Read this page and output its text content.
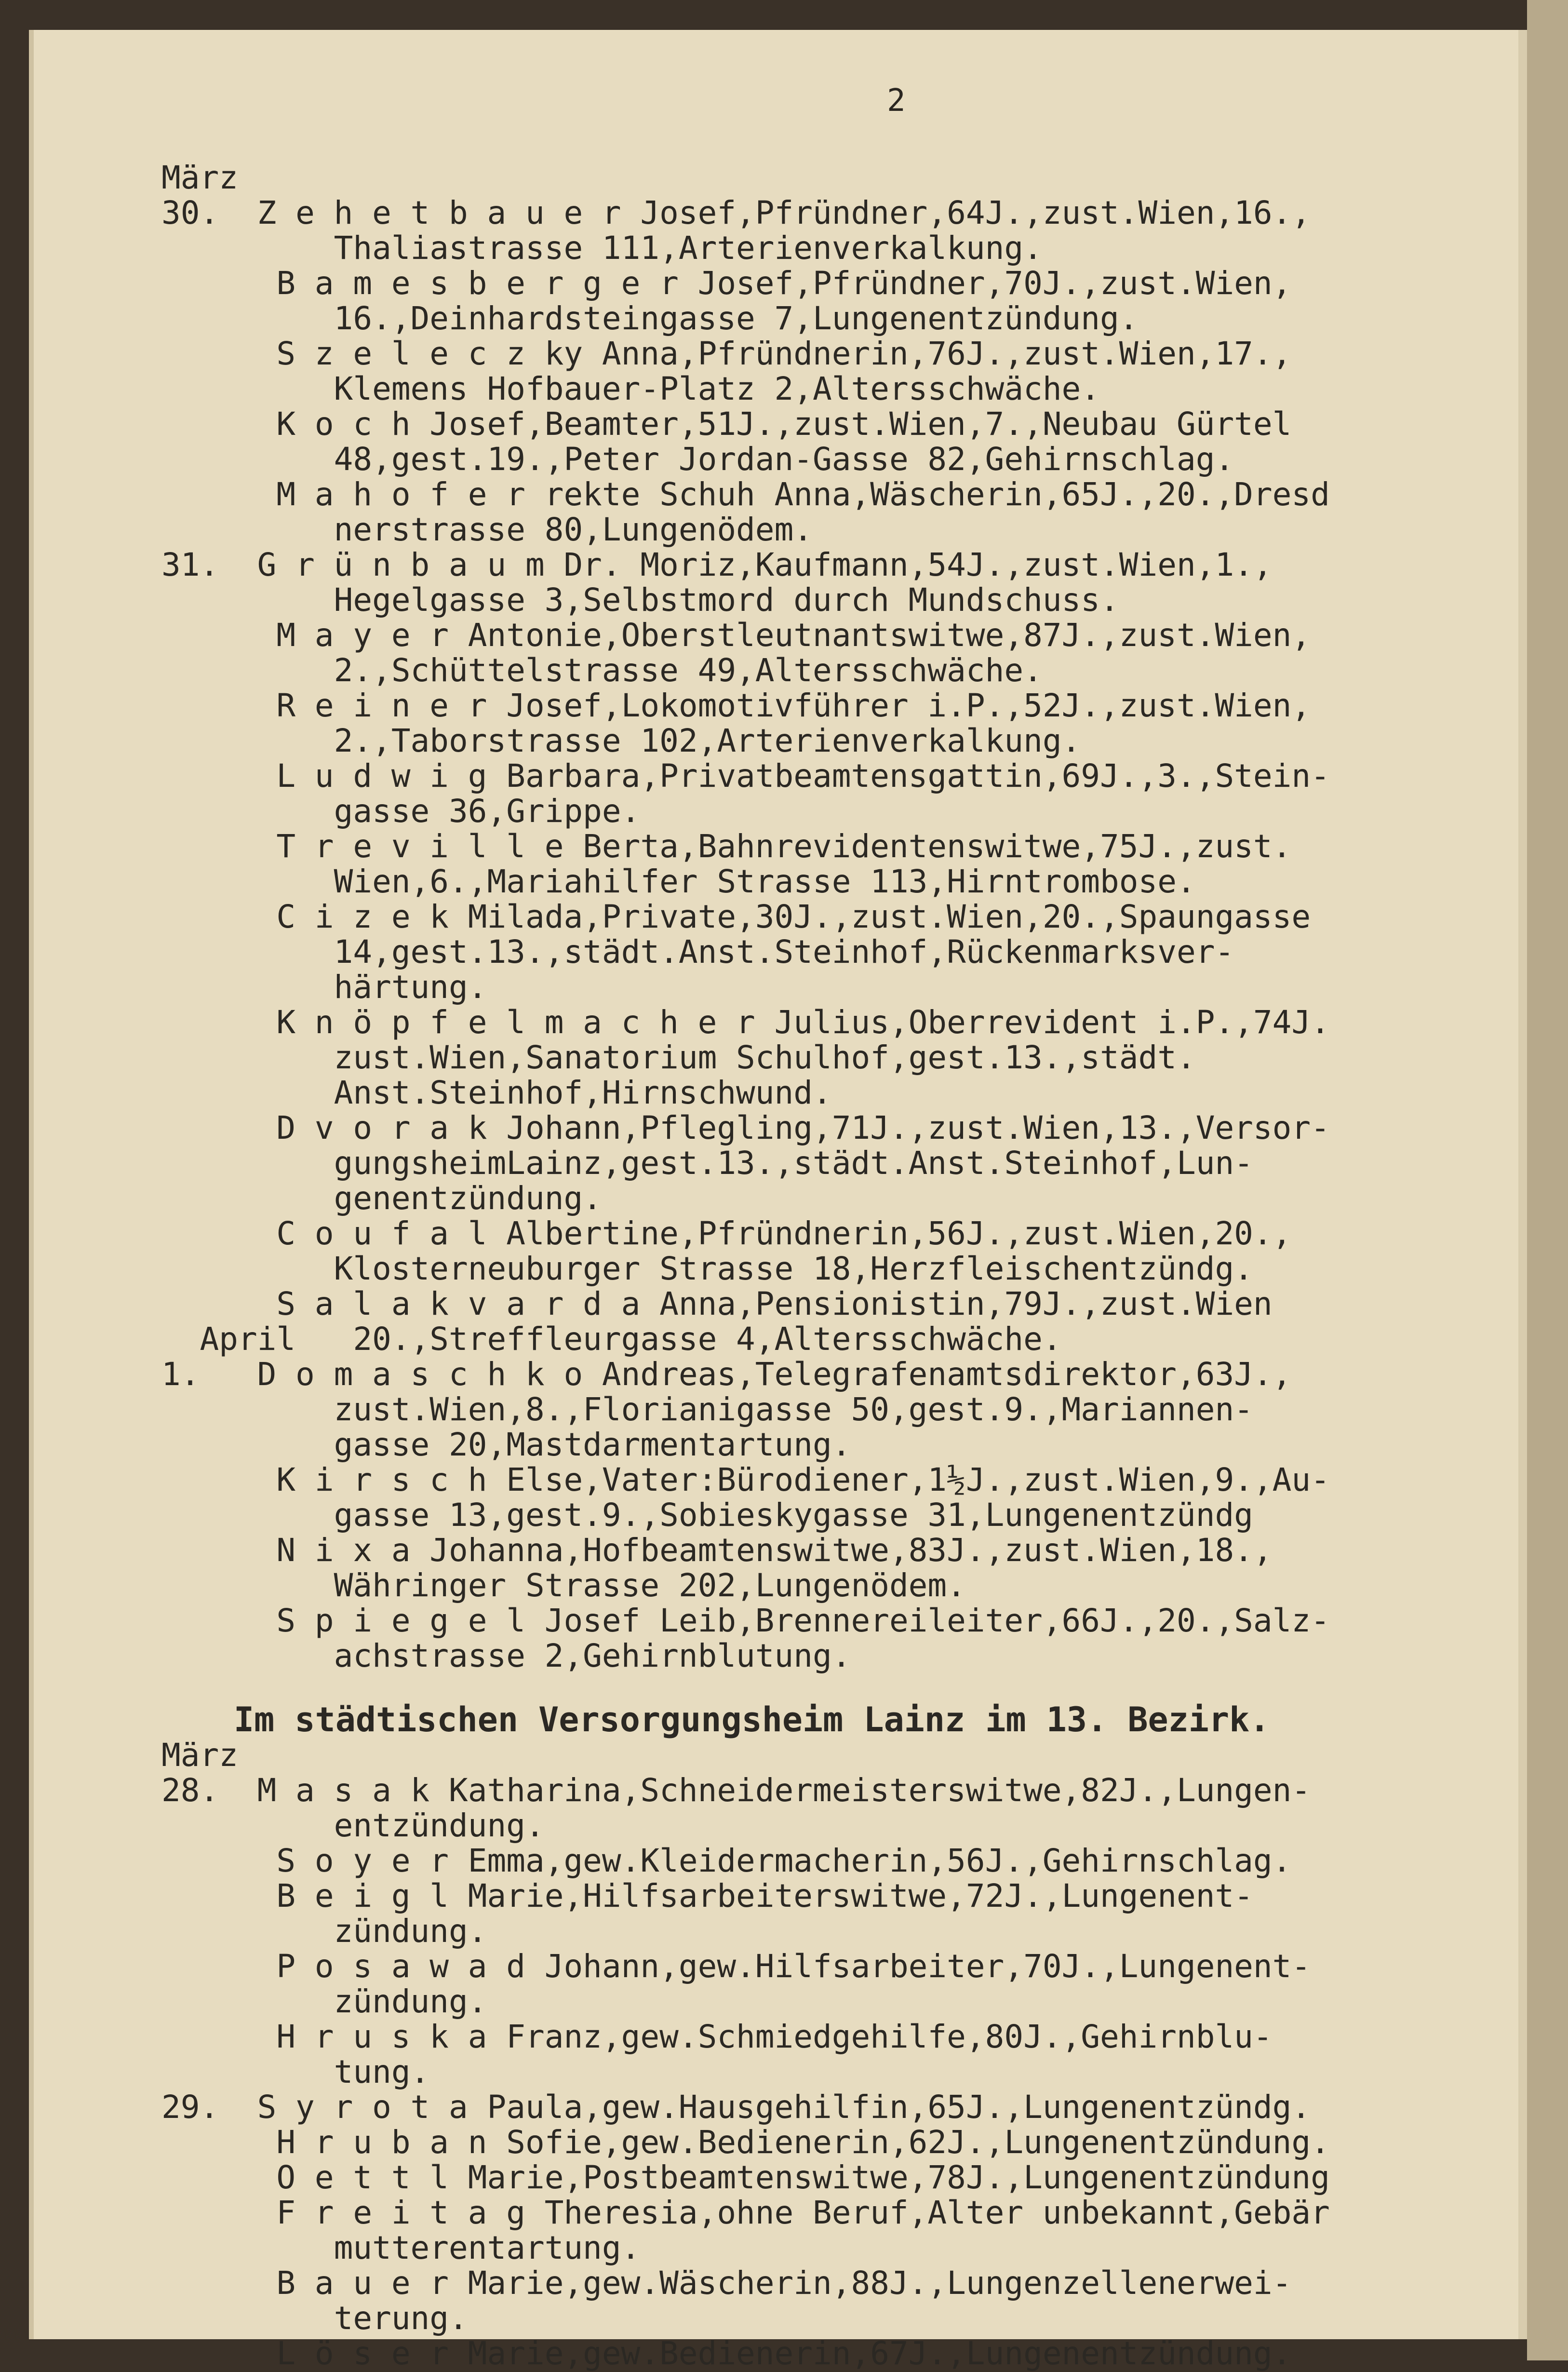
2
März
30.  Z e h e t b a u e r Josef,Pfründner,64J.,zust.Wien,16.,
Thaliastrasse 111,Arterienverkalkung.
B a m e s b e r g e r Josef,Pfründner,70J.,zust.Wien,
16.,Deinhardsteingasse 7,Lungenentzündung.
S z e l e c z ky Anna,Pfründnerin,76J.,zust.Wien,17.,
Klemens Hofbauer-Platz 2,Altersschwäche.
K o c h Josef,Beamter,51J.,zust.Wien,7.,Neubau Gürtel
48,gest.19.,Peter Jordan-Gasse 82,Gehirnschlag.
M a h o f e r rekte Schuh Anna,Wäscherin,65J.,20.,Dresd
nerstrasse 80,Lungenödem.
31.  G r ü n b a u m Dr. Moriz,Kaufmann,54J.,zust.Wien,1.,
Hegelgasse 3,Selbstmord durch Mundschuss.
M a y e r Antonie,Oberstleutnantswitwe,87J.,zust.Wien,
2.,Schüttelstrasse 49,Altersschwäche.
R e i n e r Josef,Lokomotivführer i.P.,52J.,zust.Wien,
2.,Taborstrasse 102,Arterienverkalkung.
L u d w i g Barbara,Privatbeamtensgattin,69J.,3.,Stein-
gasse 36,Grippe.
T r e v i l l e Berta,Bahnrevidentenswitwe,75J.,zust.
Wien,6.,Mariahilfer Strasse 113,Hirntrombose.
C i z e k Milada,Private,30J.,zust.Wien,20.,Spaungasse
14,gest.13.,städt.Anst.Steinhof,Rückenmarksver-
härtung.
K n ö p f e l m a c h e r Julius,Oberrevident i.P.,74J.
zust.Wien,Sanatorium Schulhof,gest.13.,städt.
Anst.Steinhof,Hirnschwund.
D v o r a k Johann,Pflegling,71J.,zust.Wien,13.,Versor-
gungsheimLainz,gest.13.,städt.Anst.Steinhof,Lun-
genentzündung.
C o u f a l Albertine,Pfründnerin,56J.,zust.Wien,20.,
Klosterneuburger Strasse 18,Herzfleischentzündg.
S a l a k v a r d a Anna,Pensionistin,79J.,zust.Wien
April   20.,Streffleurgasse 4,Altersschwäche.
1.   D o m a s c h k o Andreas,Telegrafenamtsdirektor,63J.,
zust.Wien,8.,Florianigasse 50,gest.9.,Mariannen-
gasse 20,Mastdarmentartung.
K i r s c h Else,Vater:Bürodiener,1½J.,zust.Wien,9.,Au-
gasse 13,gest.9.,Sobieskygasse 31,Lungenentzündg
N i x a Johanna,Hofbeamtenswitwe,83J.,zust.Wien,18.,
Währinger Strasse 202,Lungenödem.
S p i e g e l Josef Leib,Brennereileiter,66J.,20.,Salz-
achstrasse 2,Gehirnblutung.
Im städtischen Versorgungsheim Lainz im 13. Bezirk.
März
28.  M a s a k Katharina,Schneidermeisterswitwe,82J.,Lungen-
entzündung.
S o y e r Emma,gew.Kleidermacherin,56J.,Gehirnschlag.
B e i g l Marie,Hilfsarbeiterswitwe,72J.,Lungenent-
zündung.
P o s a w a d Johann,gew.Hilfsarbeiter,70J.,Lungenent-
zündung.
H r u s k a Franz,gew.Schmiedgehilfe,80J.,Gehirnblu-
tung.
29.  S y r o t a Paula,gew.Hausgehilfin,65J.,Lungenentzündg.
H r u b a n Sofie,gew.Bedienerin,62J.,Lungenentzündung.
O e t t l Marie,Postbeamtenswitwe,78J.,Lungenentzündung
F r e i t a g Theresia,ohne Beruf,Alter unbekannt,Gebär
mutterentartung.
B a u e r Marie,gew.Wäscherin,88J.,Lungenzellenerwei-
terung.
L ö s e r Marie,gew.Bedienerin,67J.,Lungenentzündung.
